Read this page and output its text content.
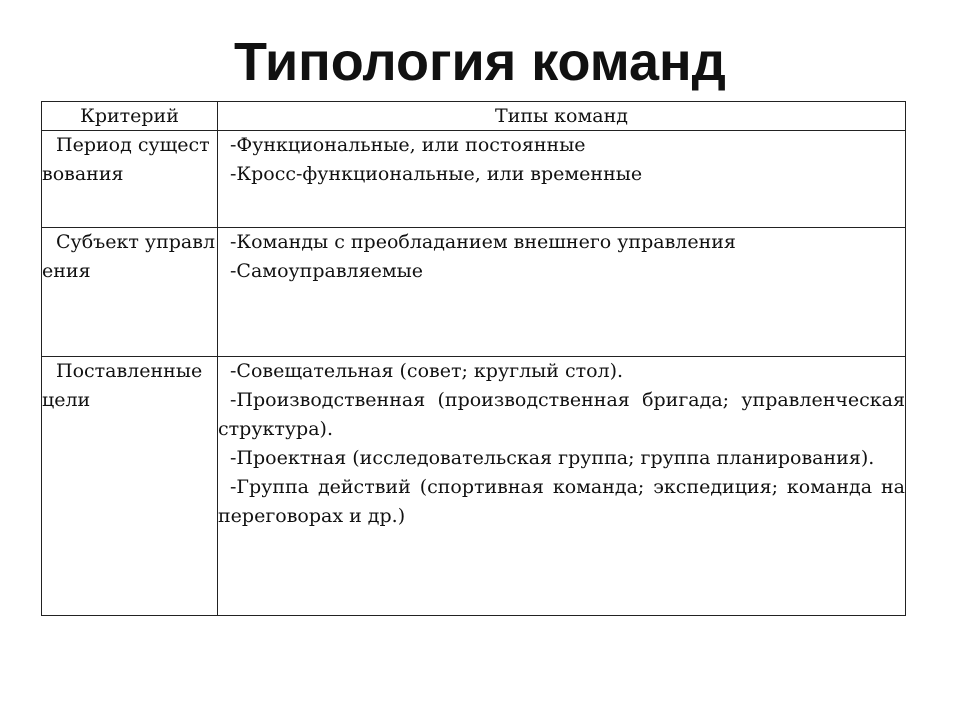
Типология команд
Критерий	Типы команд
Период существования	-Функциональные, или постоянные

-Кросс-функциональные, или временные

Субъект управления	-Команды с преобладанием внешнего управления

-Самоуправляемые

Поставленные цели	-Совещательная (совет; круглый стол).

-Производственная (производственная бригада; управленческая структура).

-Проектная (исследовательская группа; группа планирования).

-Группа действий (спортивная команда; экспедиция; команда на переговорах и др.)
